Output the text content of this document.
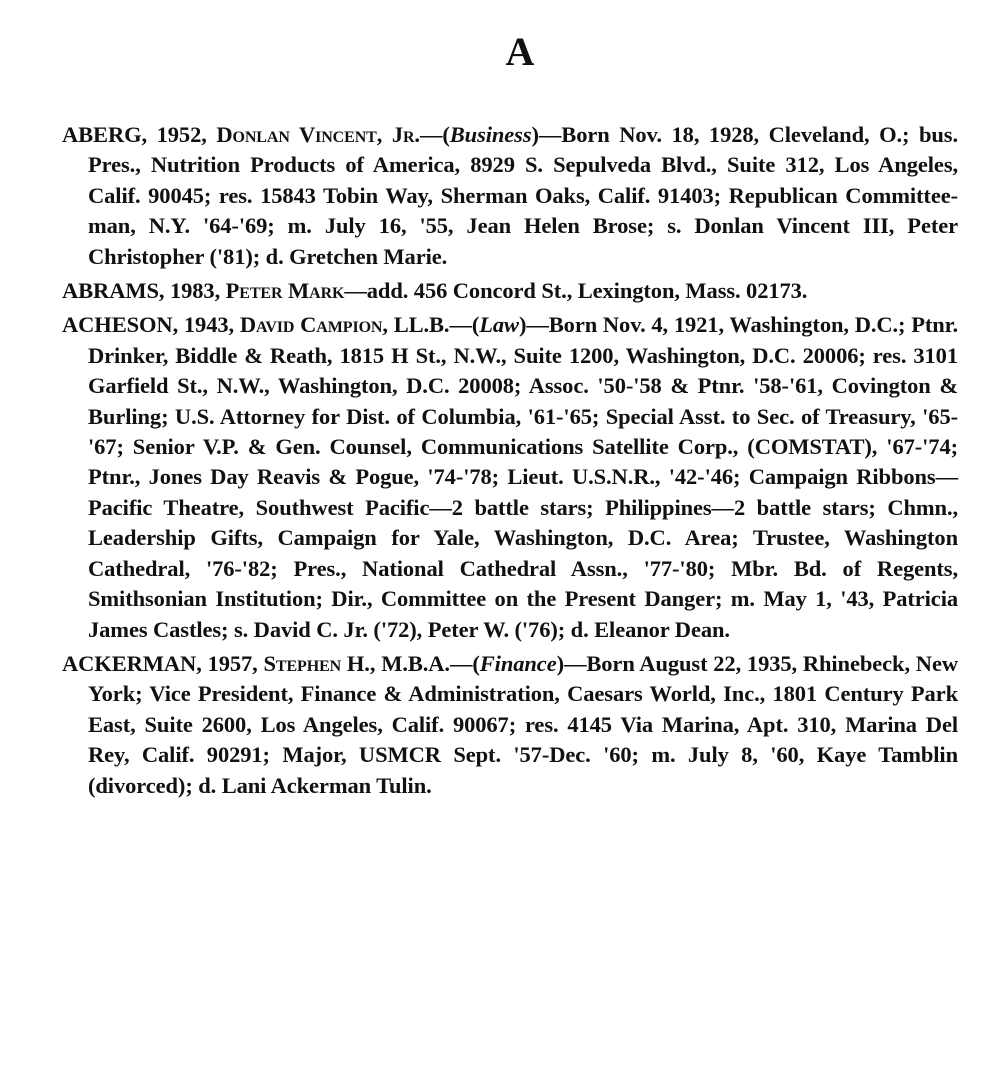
A

ABERG, 1952, Donlan Vincent, Jr.—(Business)—Born Nov. 18, 1928, Cleveland, O.; bus. Pres., Nutrition Products of America, 8929 S. Sepulveda Blvd., Suite 312, Los Angeles, Calif. 90045; res. 15843 Tobin Way, Sherman Oaks, Calif. 91403; Republican Committee-man, N.Y. '64-'69; m. July 16, '55, Jean Helen Brose; s. Donlan Vincent III, Peter Christopher ('81); d. Gretchen Marie.

ABRAMS, 1983, Peter Mark—add. 456 Concord St., Lexington, Mass. 02173.

ACHESON, 1943, David Campion, LL.B.—(Law)—Born Nov. 4, 1921, Washington, D.C.; Ptnr. Drinker, Biddle & Reath, 1815 H St., N.W., Suite 1200, Washington, D.C. 20006; res. 3101 Garfield St., N.W., Washington, D.C. 20008; Assoc. '50-'58 & Ptnr. '58-'61, Covington & Burling; U.S. Attorney for Dist. of Columbia, '61-'65; Special Asst. to Sec. of Treasury, '65-'67; Senior V.P. & Gen. Counsel, Communications Satellite Corp., (COMSTAT), '67-'74; Ptnr., Jones Day Reavis & Pogue, '74-'78; Lieut. U.S.N.R., '42-'46; Campaign Ribbons—Pacific Theatre, Southwest Pacific—2 battle stars; Philippines—2 battle stars; Chmn., Leadership Gifts, Campaign for Yale, Washington, D.C. Area; Trustee, Washington Cathedral, '76-'82; Pres., National Cathedral Assn., '77-'80; Mbr. Bd. of Regents, Smithsonian Institution; Dir., Committee on the Present Danger; m. May 1, '43, Patricia James Castles; s. David C. Jr. ('72), Peter W. ('76); d. Eleanor Dean.

ACKERMAN, 1957, Stephen H., M.B.A.—(Finance)—Born August 22, 1935, Rhinebeck, New York; Vice President, Finance & Administration, Caesars World, Inc., 1801 Century Park East, Suite 2600, Los Angeles, Calif. 90067; res. 4145 Via Marina, Apt. 310, Marina Del Rey, Calif. 90291; Major, USMCR Sept. '57-Dec. '60; m. July 8, '60, Kaye Tamblin (divorced); d. Lani Ackerman Tulin.
